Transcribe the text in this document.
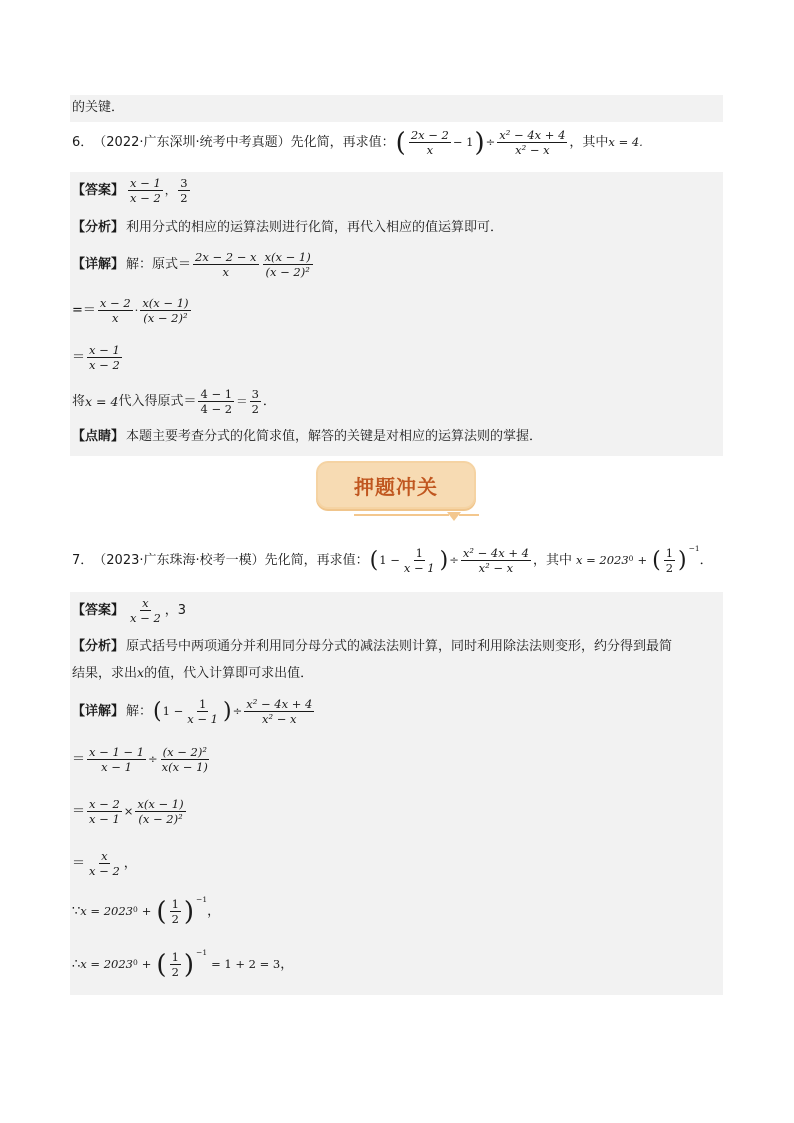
的关键．
6． （2022·广东深圳·统考中考真题） 先化简，再求值： ( $\frac{2x - 2}{x} - 1$ ) ÷ $\frac{\text{x² − 4x + 4}}{\text{x² − x}}$ ，其中 x = 4.
【答案】 $\frac{x - 1}{x - 2}$ ， $\frac{3}{2}$
【分析】 利用分式的相应的运算法则进行化简，再代入相应的值运算即可．
【详解】 解：原式＝ $\frac{2x - 2 - x}{x} \frac{x(x - 1)}{\text{(x − 2)²}}$
=＝ $\frac{x - 2}{x} \cdot \frac{x(x - 1)}{\text{(x − 2)²}}$
＝ $\frac{x - 1}{x - 2}$
将 x = 4 代入得原式＝ $\frac{4 - 1}{4 - 2} = \frac{3}{2}$ ．
【点睛】 本题主要考查分式的化简求值，解答的关键是对相应的运算法则的掌握．
押题冲关
7． （2023·广东珠海·校考一模） 先化简，再求值： ( $1 - \frac{1}{x - 1}$ ) ÷ $\frac{\text{x² − 4x + 4}}{\text{x² − x}}$ ，其中 x = 2023 0 + ( $\frac{1}{2}$ ) −1
．
【答案】 $\frac{x}{x - 2}$ ，3
【分析】 原式括号中两项通分并利用同分母分式的减法法则计算，同时利用除法法则变形，约分得到最简
结果，求出 x 的值，代入计算即可求出值．
【详解】 解： ( $1 - \frac{1}{x - 1}$ ) ÷ $\frac{\text{x² − 4x + 4}}{\text{x² − x}}$
＝ $\frac{x - 1 - 1}{x - 1} \div \frac{\text{(x − 2)²}}{x(x - 1)}$
＝ $\frac{x - 2}{x - 1} \times \frac{x(x - 1)}{\text{(x − 2)²}}$
＝ $\frac{x}{x - 2}$ ，
∵ x = 2023 0 + ( $\frac{1}{2}$ ) −1
，
∴ x = 2023 0 + ( $\frac{1}{2}$ ) −1
= 1 + 2 = 3 ，
